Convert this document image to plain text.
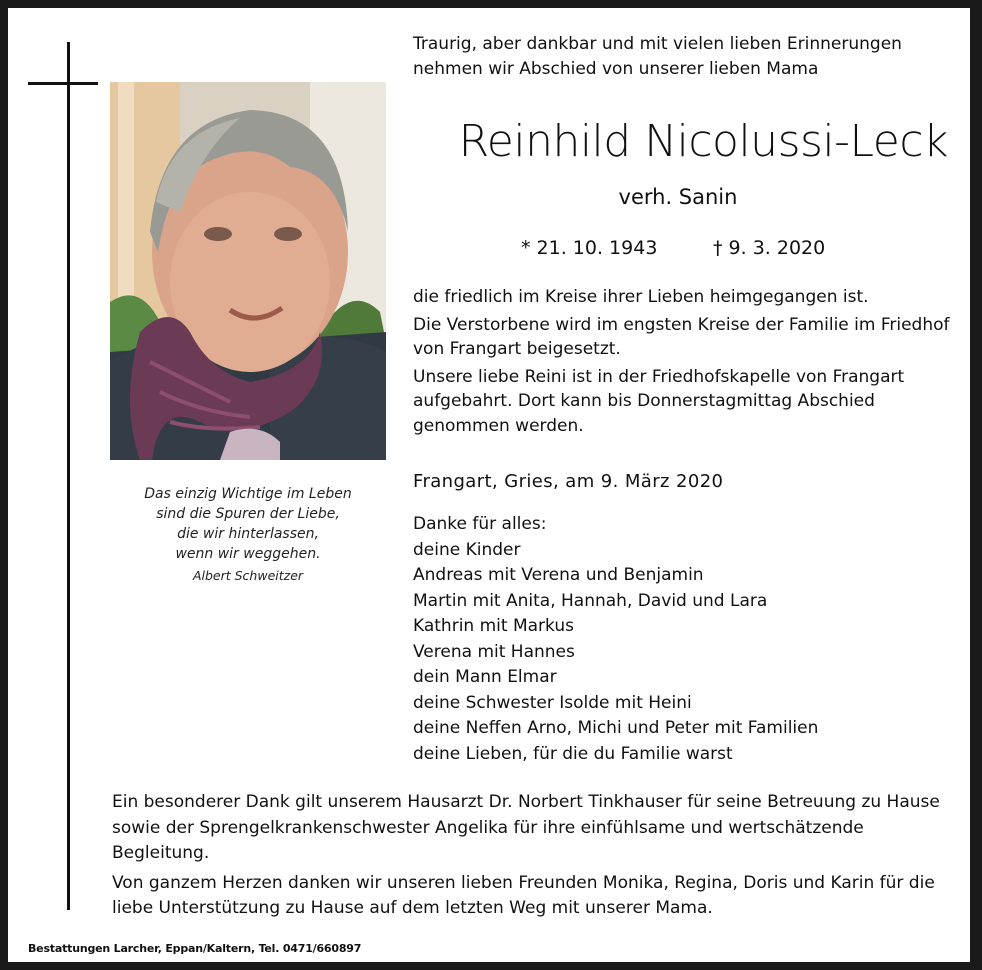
Das einzig Wichtige im Leben
sind die Spuren der Liebe,
die wir hinterlassen,
wenn wir weggehen.
Albert Schweitzer
Traurig, aber dankbar und mit vielen lieben Erinnerungen
nehmen wir Abschied von unserer lieben Mama
Reinhild Nicolussi-Leck
verh. Sanin
* 21. 10. 1943	† 9. 3. 2020

die friedlich im Kreise ihrer Lieben heimgegangen ist.

Die Verstorbene wird im engsten Kreise der Familie im Friedhof von Frangart beigesetzt.

Unsere liebe Reini ist in der Friedhofskapelle von Frangart aufgebahrt. Dort kann bis Donnerstagmittag Abschied genommen werden.

Frangart, Gries, am 9. März 2020
Danke für alles:
deine Kinder
Andreas mit Verena und Benjamin
Martin mit Anita, Hannah, David und Lara
Kathrin mit Markus
Verena mit Hannes
dein Mann Elmar
deine Schwester Isolde mit Heini
deine Neffen Arno, Michi und Peter mit Familien
deine Lieben, für die du Familie warst

Ein besonderer Dank gilt unserem Hausarzt Dr. Norbert Tinkhauser für seine Betreuung zu Hause sowie der Sprengelkrankenschwester Angelika für ihre einfühlsame und wertschätzende Begleitung.

Von ganzem Herzen danken wir unseren lieben Freunden Monika, Regina, Doris und Karin für die liebe Unterstützung zu Hause auf dem letzten Weg mit unserer Mama.

Bestattungen Larcher, Eppan/Kaltern, Tel. 0471/660897
